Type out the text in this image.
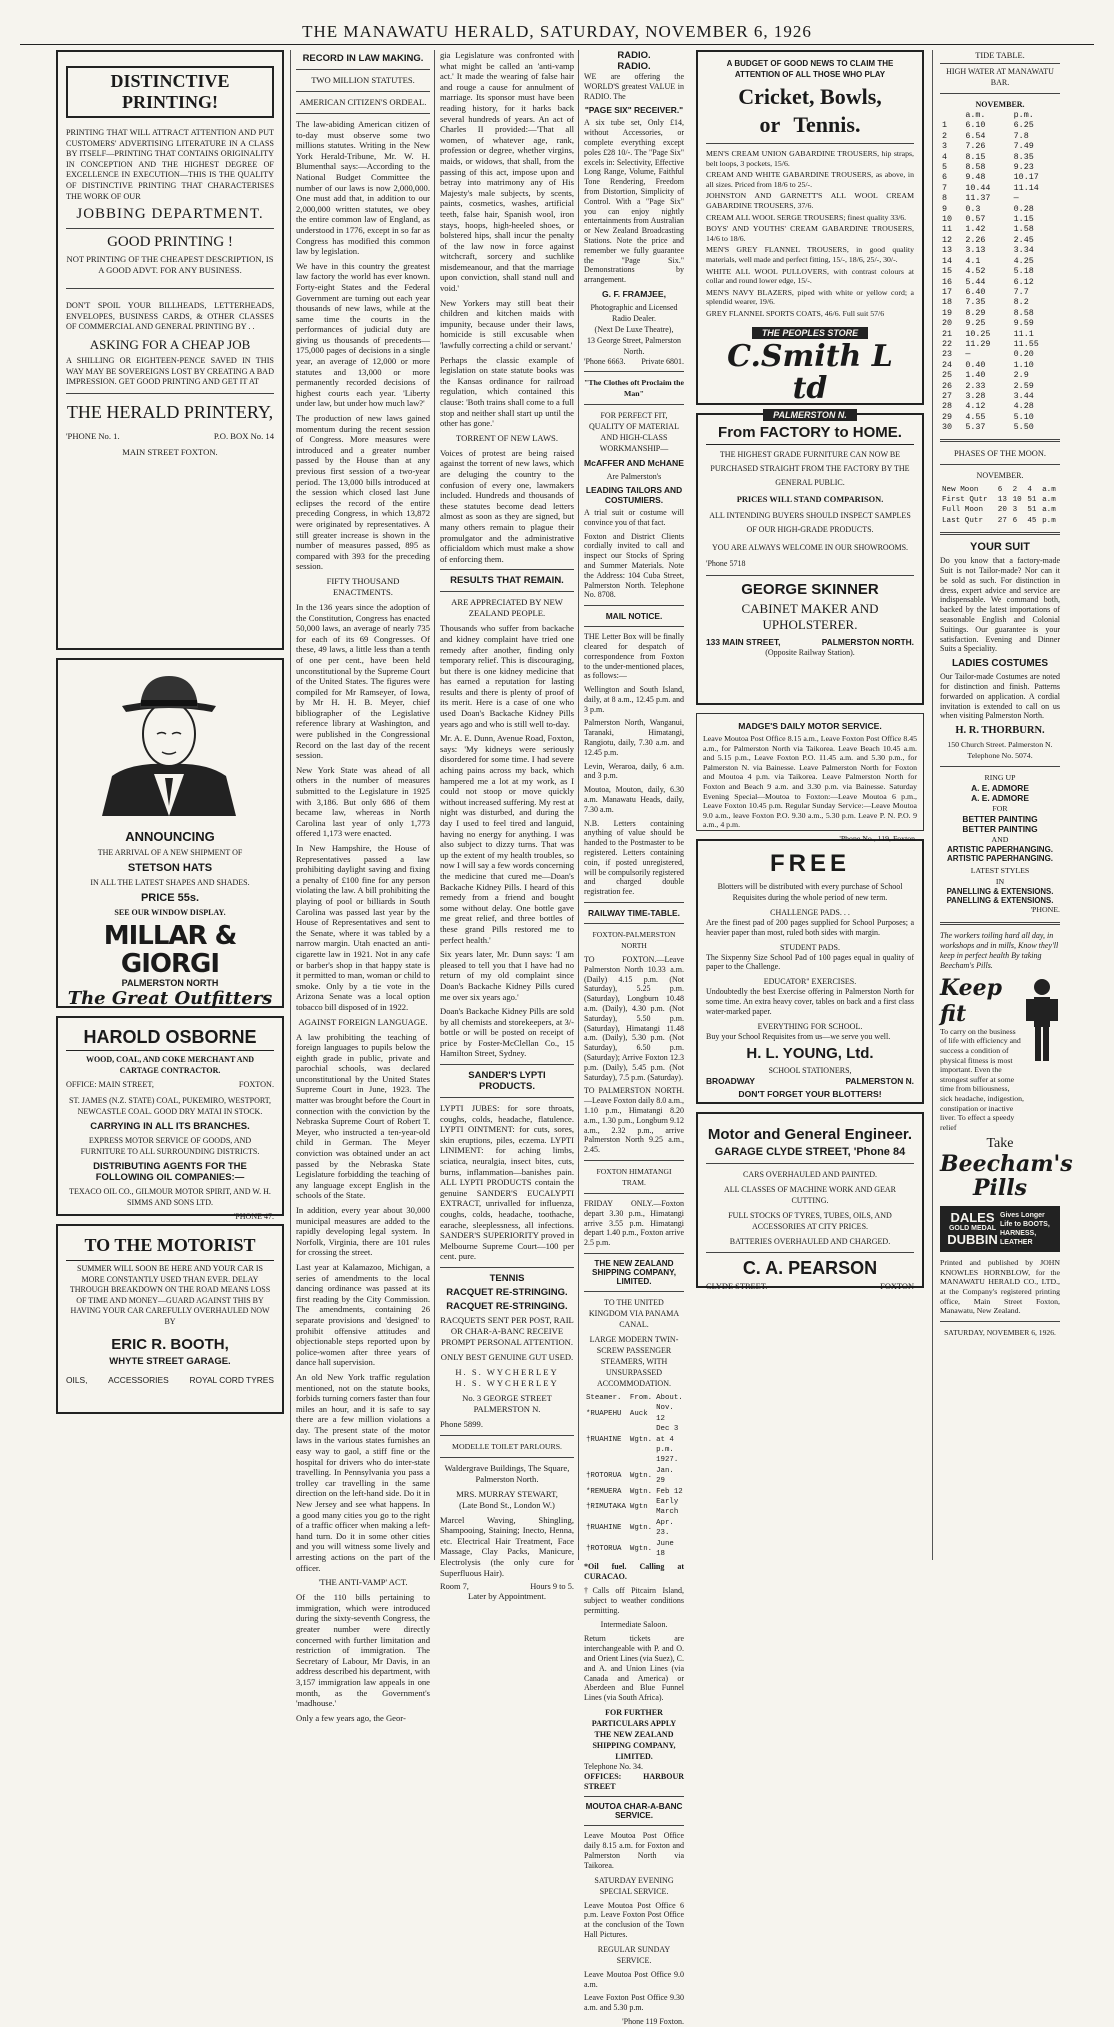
THE MANAWATU HERALD, SATURDAY, NOVEMBER 6, 1926
DISTINCTIVE PRINTING!

PRINTING THAT WILL ATTRACT ATTENTION AND PUT CUSTOMERS' ADVERTISING LITERATURE IN A CLASS BY ITSELF—PRINTING THAT CONTAINS ORIGINALITY IN CONCEPTION AND THE HIGHEST DEGREE OF EXCELLENCE IN EXECUTION—THIS IS THE QUALITY OF DISTINCTIVE PRINTING THAT CHARACTERISES THE WORK OF OUR

JOBBING DEPARTMENT.
GOOD PRINTING !

NOT PRINTING OF THE CHEAPEST DESCRIPTION, IS A GOOD ADVT. FOR ANY BUSINESS.

DON'T SPOIL YOUR BILLHEADS, LETTERHEADS, ENVELOPES, BUSINESS CARDS, & OTHER CLASSES OF COMMERCIAL AND GENERAL PRINTING BY . .

ASKING FOR A CHEAP JOB

A SHILLING OR EIGHTEEN-PENCE SAVED IN THIS WAY MAY BE SOVEREIGNS LOST BY CREATING A BAD IMPRESSION. GET GOOD PRINTING AND GET IT AT

THE HERALD PRINTERY,
'PHONE No. 1.	P.O. BOX No. 14

MAIN STREET FOXTON.

ANNOUNCING

THE ARRIVAL OF A NEW SHIPMENT OF

STETSON HATS

IN ALL THE LATEST SHAPES AND SHADES.

PRICE 55s.

SEE OUR WINDOW DISPLAY.

MILLAR & GIORGI
PALMERSTON NORTH
The Great Outfitters
HAROLD OSBORNE

WOOD, COAL, AND COKE MERCHANT AND CARTAGE CONTRACTOR.

OFFICE: MAIN STREET,	FOXTON.

ST. JAMES (N.Z. STATE) COAL, PUKEMIRO, WESTPORT, NEWCASTLE COAL. GOOD DRY MATAI IN STOCK.

CARRYING IN ALL ITS BRANCHES.

EXPRESS MOTOR SERVICE OF GOODS, AND FURNITURE TO ALL SURROUNDING DISTRICTS.

DISTRIBUTING AGENTS FOR THE FOLLOWING OIL COMPANIES:—

TEXACO OIL CO., GILMOUR MOTOR SPIRIT, AND W. H. SIMMS AND SONS LTD.

'PHONE 47.
TO THE MOTORIST

SUMMER WILL SOON BE HERE AND YOUR CAR IS MORE CONSTANTLY USED THAN EVER. DELAY THROUGH BREAKDOWN ON THE ROAD MEANS LOSS OF TIME AND MONEY—GUARD AGAINST THIS BY HAVING YOUR CAR CAREFULLY OVERHAULED NOW BY

ERIC R. BOOTH,
WHYTE STREET GARAGE.
OILS, ACCESSORIES ROYAL CORD TYRES
RECORD IN LAW MAKING.

TWO MILLION STATUTES.

AMERICAN CITIZEN'S ORDEAL.

The law-abiding American citizen of to-day must observe some two millions statutes. Writing in the New York Herald-Tribune, Mr. W. H. Blumenthal says:—According to the National Budget Committee the number of our laws is now 2,000,000. One must add that, in addition to our 2,000,000 written statutes, we obey the entire common law of England, as understood in 1776, except in so far as Congress has modified this common law by legislation.

We have in this country the greatest law factory the world has ever known. Forty-eight States and the Federal Government are turning out each year thousands of new laws, while at the same time the courts in the performances of judicial duty are giving us thousands of precedents—175,000 pages of decisions in a single year, an average of 12,000 or more statutes and 13,000 or more permanently recorded decisions of highest courts each year. 'Liberty under law, but under how much law?'

The production of new laws gained momentum during the recent session of Congress. More measures were introduced and a greater number passed by the House than at any previous first session of a two-year period. The 13,000 bills introduced at the session which closed last June eclipses the record of the entire preceding Congress, in which 13,872 were originated by representatives. A still greater increase is shown in the number of measures passed, 895 as compared with 393 for the preceding session.

FIFTY THOUSAND ENACTMENTS.

In the 136 years since the adoption of the Constitution, Congress has enacted 50,000 laws, an average of nearly 735 for each of its 69 Congresses. Of these, 49 laws, a little less than a tenth of one per cent., have been held unconstitutional by the Supreme Court of the United States. The figures were compiled for Mr Ramseyer, of Iowa, by Mr H. H. B. Meyer, chief bibliographer of the Legislative reference library at Washington, and were published in the Congressional Record on the last day of the recent session.

New York State was ahead of all others in the number of measures submitted to the Legislature in 1925 with 3,186. But only 686 of them became law, whereas in North Carolina last year of only 1,773 offered 1,173 were enacted.

In New Hampshire, the House of Representatives passed a law prohibiting daylight saving and fixing a penalty of £100 fine for any person violating the law. A bill prohibiting the playing of pool or billiards in South Carolina was passed last year by the House of Representatives and sent to the Senate, where it was tabled by a narrow margin. Utah enacted an anti-cigarette law in 1921. Not in any cafe or barber's shop in that happy state is it permitted to man, woman or child to smoke. Only by a tie vote in the Arizona Senate was a local option tobacco bill disposed of in 1922.

AGAINST FOREIGN LANGUAGE.

A law prohibiting the teaching of foreign languages to pupils below the eighth grade in public, private and parochial schools, was declared unconstitutional by the United States Supreme Court in June, 1923. The matter was brought before the Court in connection with the conviction by the Nebraska Supreme Court of Robert T. Meyer, who instructed a ten-year-old child in German. The Meyer conviction was obtained under an act passed by the Nebraska State Legislature forbidding the teaching of any language except English in the schools of the State.

In addition, every year about 30,000 municipal measures are added to the rapidly developing legal system. In Norfolk, Virginia, there are 101 rules for crossing the street.

Last year at Kalamazoo, Michigan, a series of amendments to the local dancing ordinance was passed at its first reading by the City Commission. The amendments, containing 26 separate provisions and 'designed' to prohibit offensive attitudes and objectionable steps reported upon by police-women after three years of dance hall supervision.

An old New York traffic regulation mentioned, not on the statute books, forbids turning corners faster than four miles an hour, and it is safe to say there are a few million violations a day. The present state of the motor laws in the various states furnishes an easy way to gaol, a stiff fine or the hospital for drivers who do inter-state travelling. In Pennsylvania you pass a trolley car travelling in the same direction on the left-hand side. Do it in New Jersey and see what happens. In a good many cities you go to the right of a traffic officer when making a left-hand turn. Do it in some other cities and you will witness some lively and arresting actions on the part of the officer.

'THE ANTI-VAMP' ACT.

Of the 110 bills pertaining to immigration, which were introduced during the sixty-seventh Congress, the greater number were directly concerned with further limitation and restriction of immigration. The Secretary of Labour, Mr Davis, in an address described his department, with 3,157 immigration law appeals in one month, as the Government's 'madhouse.'

Only a few years ago, the Geor-

gia Legislature was confronted with what might be called an 'anti-vamp act.' It made the wearing of false hair and rouge a cause for annulment of marriage. Its sponsor must have been reading history, for it harks back several hundreds of years. An act of Charles II provided:—'That all women, of whatever age, rank, profession or degree, whether virgins, maids, or widows, that shall, from the passing of this act, impose upon and betray into matrimony any of His Majesty's male subjects, by scents, paints, cosmetics, washes, artificial teeth, false hair, Spanish wool, iron stays, hoops, high-heeled shoes, or bolstered hips, shall incur the penalty of the law now in force against witchcraft, sorcery and suchlike misdemeanour, and that the marriage upon conviction, shall stand null and void.'

New Yorkers may still beat their children and kitchen maids with impunity, because under their laws, homicide is still excusable when 'lawfully correcting a child or servant.'

Perhaps the classic example of legislation on state statute books was the Kansas ordinance for railroad regulation, which contained this clause: 'Both trains shall come to a full stop and neither shall start up until the other has gone.'

TORRENT OF NEW LAWS.

Voices of protest are being raised against the torrent of new laws, which are deluging the country to the confusion of every one, lawmakers included. Hundreds and thousands of these statutes become dead letters almost as soon as they are signed, but many others remain to plague their promulgator and the administrative officialdom which must make a show of enforcing them.

RESULTS THAT REMAIN.

ARE APPRECIATED BY NEW ZEALAND PEOPLE.

Thousands who suffer from backache and kidney complaint have tried one remedy after another, finding only temporary relief. This is discouraging, but there is one kidney medicine that has earned a reputation for lasting results and there is plenty of proof of its merit. Here is a case of one who used Doan's Backache Kidney Pills years ago and who is still well to-day.

Mr. A. E. Dunn, Avenue Road, Foxton, says: 'My kidneys were seriously disordered for some time. I had severe aching pains across my back, which hampered me a lot at my work, as I could not stoop or move quickly without increased suffering. My rest at night was disturbed, and during the day I used to feel tired and languid, having no energy for anything. I was also subject to dizzy turns. That was up the extent of my health troubles, so now I will say a few words concerning the medicine that cured me—Doan's Backache Kidney Pills. I heard of this remedy from a friend and bought some without delay. One bottle gave me great relief, and three bottles of these grand Pills restored me to perfect health.'

Six years later, Mr. Dunn says: 'I am pleased to tell you that I have had no return of my old complaint since Doan's Backache Kidney Pills cured me over six years ago.'

Doan's Backache Kidney Pills are sold by all chemists and storekeepers, at 3/- bottle or will be posted on receipt of price by Foster-McClellan Co., 15 Hamilton Street, Sydney.

SANDER'S LYPTI PRODUCTS.

LYPTI JUBES: for sore throats, coughs, colds, headache, flatulence. LYPTI OINTMENT: for cuts, sores, skin eruptions, piles, eczema. LYPTI LINIMENT: for aching limbs, sciatica, neuralgia, insect bites, cuts, burns, inflammation—banishes pain. ALL LYPTI PRODUCTS contain the genuine SANDER'S EUCALYPTI EXTRACT, unrivalled for influenza, coughs, colds, headache, toothache, earache, sleeplessness, all infections. SANDER'S SUPERIORITY proved in Melbourne Supreme Court—100 per cent. pure.

TENNIS
RACQUET RE-STRINGING.
RACQUET RE-STRINGING.

RACQUETS SENT PER POST, RAIL OR CHAR-A-BANC RECEIVE PROMPT PERSONAL ATTENTION.

ONLY BEST GENUINE GUT USED.

H. S. WYCHERLEY

H. S. WYCHERLEY

No. 3 GEORGE STREET PALMERSTON N.

Phone 5899.

MODELLE TOILET PARLOURS.

Waldergrave Buildings, The Square, Palmerston North.

MRS. MURRAY STEWART,

(Late Bond St., London W.)

Marcel Waving, Shingling, Shampooing, Staining; Inecto, Henna, etc. Electrical Hair Treatment, Face Massage, Clay Packs, Manicure, Electrolysis (the only cure for Superfluous Hair).

Room 7,	Hours 9 to 5.

Later by Appointment.

RADIO.
RADIO.

WE are offering the WORLD'S greatest VALUE in RADIO. The

"PAGE SIX" RECEIVER."

A six tube set, Only £14, without Accessories, or complete everything except poles £28 10/-. The "Page Six" excels in: Selectivity, Effective Long Range, Volume, Faithful Tone Rendering, Freedom from Distortion, Simplicity of Control. With a "Page Six" you can enjoy nightly entertainments from Australian or New Zealand Broadcasting Stations. Note the price and remember we fully guarantee the "Page Six." Demonstrations by arrangement.

G. F. FRAMJEE,

Photographic and Licensed Radio Dealer.

(Next De Luxe Theatre),

13 George Street, Palmerston North.

'Phone 6663. Private 6801.

"The Clothes oft Proclaim the Man"

FOR PERFECT FIT, QUALITY OF MATERIAL AND HIGH-CLASS WORKMANSHIP—

McAFFER AND McHANE

Are Palmerston's

LEADING TAILORS AND COSTUMIERS.

A trial suit or costume will convince you of that fact.

Foxton and District Clients cordially invited to call and inspect our Stocks of Spring and Summer Materials. Note the Address: 104 Cuba Street, Palmerston North. Telephone No. 8708.

MAIL NOTICE.

THE Letter Box will be finally cleared for despatch of correspondence from Foxton to the under-mentioned places, as follows:—

Wellington and South Island, daily, at 8 a.m., 12.45 p.m. and 3 p.m.

Palmerston North, Wanganui, Taranaki, Himatangi, Rangiotu, daily, 7.30 a.m. and 12.45 p.m.

Levin, Weraroa, daily, 6 a.m. and 3 p.m.

Moutoa, Mouton, daily, 6.30 a.m. Manawatu Heads, daily, 7.30 a.m.

N.B. Letters containing anything of value should be handed to the Postmaster to be registered. Letters containing coin, if posted unregistered, will be compulsorily registered and charged double registration fee.

RAILWAY TIME-TABLE.

FOXTON-PALMERSTON NORTH

TO FOXTON.—Leave Palmerston North 10.33 a.m. (Daily) 4.15 p.m. (Not Saturday), 5.25 p.m. (Saturday), Longburn 10.48 a.m. (Daily), 4.30 p.m. (Not Saturday), 5.50 p.m. (Saturday), Himatangi 11.48 a.m. (Daily), 5.30 p.m. (Not Saturday), 6.50 p.m. (Saturday); Arrive Foxton 12.3 p.m. (Daily), 5.45 p.m. (Not Saturday), 7.5 p.m. (Saturday).

TO PALMERSTON NORTH.—Leave Foxton daily 8.0 a.m., 1.10 p.m., Himatangi 8.20 a.m., 1.30 p.m., Longburn 9.12 a.m., 2.32 p.m., arrive Palmerston North 9.25 a.m., 2.45.

FOXTON HIMATANGI TRAM.

FRIDAY ONLY.—Foxton depart 3.30 p.m., Himatangi arrive 3.55 p.m. Himatangi depart 1.40 p.m., Foxton arrive 2.5 p.m.

THE NEW ZEALAND SHIPPING COMPANY, LIMITED.

TO THE UNITED KINGDOM VIA PANAMA CANAL.

LARGE MODERN TWIN-SCREW PASSENGER STEAMERS, WITH UNSURPASSED ACCOMMODATION.

Steamer.	From.	About.
*RUAPEHU	Auck	Nov. 12
†RUAHINE	Wgtn.	Dec 3 at 4 p.m.
		1927.
†ROTORUA	Wgtn.	Jan. 29
*REMUERA	Wgtn.	Feb 12
†RIMUTAKA	Wgtn	Early March
†RUAHINE	Wgtn.	Apr. 23.
†ROTORUA	Wgtn.	June 18

*Oil fuel. Calling at CURACAO.

†Calls off Pitcairn Island, subject to weather conditions permitting.

Intermediate Saloon.

Return tickets are interchangeable with P. and O. and Orient Lines (via Suez), C. and A. and Union Lines (via Canada and America) or Aberdeen and Blue Funnel Lines (via South Africa).

FOR FURTHER PARTICULARS APPLY

THE NEW ZEALAND SHIPPING COMPANY, LIMITED.

Telephone No. 34.

OFFICES: HARBOUR STREET

MOUTOA CHAR-A-BANC SERVICE.

Leave Moutoa Post Office daily 8.15 a.m. for Foxton and Palmerston North via Taikorea.

SATURDAY EVENING SPECIAL SERVICE.

Leave Moutoa Post Office 6 p.m. Leave Foxton Post Office at the conclusion of the Town Hall Pictures.

REGULAR SUNDAY SERVICE.

Leave Moutoa Post Office 9.0 a.m.

Leave Foxton Post Office 9.30 a.m. and 5.30 p.m.

'Phone 119 Foxton.

A BUDGET OF GOOD NEWS TO CLAIM THE ATTENTION OF ALL THOSE WHO PLAY

Cricket, Bowls,
or Tennis.

MEN'S CREAM UNION GABARDINE TROUSERS, hip straps, belt loops, 3 pockets, 15/6.

CREAM AND WHITE GABARDINE TROUSERS, as above, in all sizes. Priced from 18/6 to 25/-.

JOHNSTON AND GARNETT'S ALL WOOL CREAM GABARDINE TROUSERS, 37/6.

CREAM ALL WOOL SERGE TROUSERS; finest quality 33/6.

BOYS' AND YOUTHS' CREAM GABARDINE TROUSERS, 14/6 to 18/6.

MEN'S GREY FLANNEL TROUSERS, in good quality materials, well made and perfect fitting, 15/-, 18/6, 25/-, 30/-.

WHITE ALL WOOL PULLOVERS, with contrast colours at collar and round lower edge, 15/-.

MEN'S NAVY BLAZERS, piped with white or yellow cord; a splendid wearer, 19/6.

GREY FLANNEL SPORTS COATS, 46/6. Full suit 57/6

THE PEOPLES STORE
C.Smith L td
PALMERSTON N.
From FACTORY to HOME.

THE HIGHEST GRADE FURNITURE CAN NOW BE PURCHASED STRAIGHT FROM THE FACTORY BY THE GENERAL PUBLIC.

PRICES WILL STAND COMPARISON.

ALL INTENDING BUYERS SHOULD INSPECT SAMPLES OF OUR HIGH-GRADE PRODUCTS.

YOU ARE ALWAYS WELCOME IN OUR SHOWROOMS.

'Phone 5718

GEORGE SKINNER
CABINET MAKER AND UPHOLSTERER.
133 MAIN STREET,	PALMERSTON NORTH.

(Opposite Railway Station).

MADGE'S DAILY MOTOR SERVICE.

Leave Moutoa Post Office 8.15 a.m., Leave Foxton Post Office 8.45 a.m., for Palmerston North via Taikorea. Leave Beach 10.45 a.m. and 5.15 p.m., Leave Foxton P.O. 11.45 a.m. and 5.30 p.m., for Palmerston N. via Bainesse. Leave Palmerston North for Foxton and Moutoa 4 p.m. via Taikorea. Leave Palmerston North for Foxton and Beach 9 a.m. and 3.30 p.m. via Bainesse. Saturday Evening Special—Moutoa to Foxton:—Leave Moutoa 6 p.m., Leave Foxton 10.45 p.m. Regular Sunday Service:—Leave Moutoa 9.0 a.m., leave Foxton P.O. 9.30 a.m., 5.30 p.m. Leave P. N. P.O. 9 a.m., 4 p.m.

'Phone No., 119, Foxton.
FREE

Blotters will be distributed with every purchase of School Requisites during the whole period of new term.

CHALLENGE PADS. . .

Are the finest pad of 200 pages supplied for School Purposes; a heavier paper than most, ruled both sides with margin.

STUDENT PADS.

The Sixpenny Size School Pad of 100 pages equal in quality of paper to the Challenge.

EDUCATOR" EXERCISES.

Undoubtedly the best Exercise offering in Palmerston North for some time. An extra heavy cover, tables on back and a first class water-marked paper.

EVERYTHING FOR SCHOOL.

Buy your School Requisites from us—we serve you well.

H. L. YOUNG, Ltd.

SCHOOL STATIONERS,

BROADWAY	PALMERSTON N.
DON'T FORGET YOUR BLOTTERS!
Motor and General Engineer.
GARAGE CLYDE STREET, 'Phone 84

CARS OVERHAULED AND PAINTED.

ALL CLASSES OF MACHINE WORK AND GEAR CUTTING.

FULL STOCKS OF TYRES, TUBES, OILS, AND ACCESSORIES AT CITY PRICES.

BATTERIES OVERHAULED AND CHARGED.

C. A. PEARSON
CLYDE STREET.	FOXTON

TIDE TABLE.

HIGH WATER AT MANAWATU BAR.

NOVEMBER.

	a.m.	p.m.
1	6.10	6.25
2	6.54	7.8
3	7.26	7.49
4	8.15	8.35
5	8.58	9.23
6	9.48	10.17
7	10.44	11.14
8	11.37	—
9	0.3	0.28
10	0.57	1.15
11	1.42	1.58
12	2.26	2.45
13	3.13	3.34
14	4.1	4.25
15	4.52	5.18
16	5.44	6.12
17	6.40	7.7
18	7.35	8.2
19	8.29	8.58
20	9.25	9.59
21	10.25	11.1
22	11.29	11.55
23	—	0.20
24	0.40	1.10
25	1.40	2.9
26	2.33	2.59
27	3.28	3.44
28	4.12	4.28
29	4.55	5.10
30	5.37	5.50

PHASES OF THE MOON.

NOVEMBER.

New Moon	6	2	4	a.m
First Qutr	13	10	51	a.m
Full Moon	20	3	51	a.m
Last Qutr	27	6	45	p.m
YOUR SUIT

Do you know that a factory-made Suit is not Tailor-made? Nor can it be sold as such. For distinction in dress, expert advice and service are indispensable. We command both, backed by the latest importations of seasonable English and Colonial Suitings. Our guarantee is your satisfaction. Evening and Dinner Suits a Speciality.

LADIES COSTUMES

Our Tailor-made Costumes are noted for distinction and finish. Patterns forwarded on application. A cordial invitation is extended to call on us when visiting Palmerston North.

H. R. THORBURN.

150 Church Street. Palmerston N. Telephone No. 5074.

RING UP

A. E. ADMORE
A. E. ADMORE

FOR

BETTER PAINTING
BETTER PAINTING

AND

ARTISTIC PAPERHANGING.
ARTISTIC PAPERHANGING.

LATEST STYLES

IN

PANELLING & EXTENSIONS.
PANELLING & EXTENSIONS.

'PHONE.

The workers toiling hard all day, in workshops and in mills, Know they'll keep in perfect health By taking Beecham's Pills.

Keep fit

To carry on the business of life with efficiency and success a condition of physical fitness is most important. Even the strongest suffer at some time from biliousness, sick headache, indigestion, constipation or inactive liver. To effect a speedy relief

Take
Beecham's Pills
DALES
GOLD MEDAL
DUBBIN
Gives Longer Life to BOOTS, HARNESS, LEATHER

Printed and published by JOHN KNOWLES HORNBLOW, for the MANAWATU HERALD CO., LTD., at the Company's registered printing office, Main Street Foxton, Manawatu, New Zealand.

SATURDAY, NOVEMBER 6, 1926.
